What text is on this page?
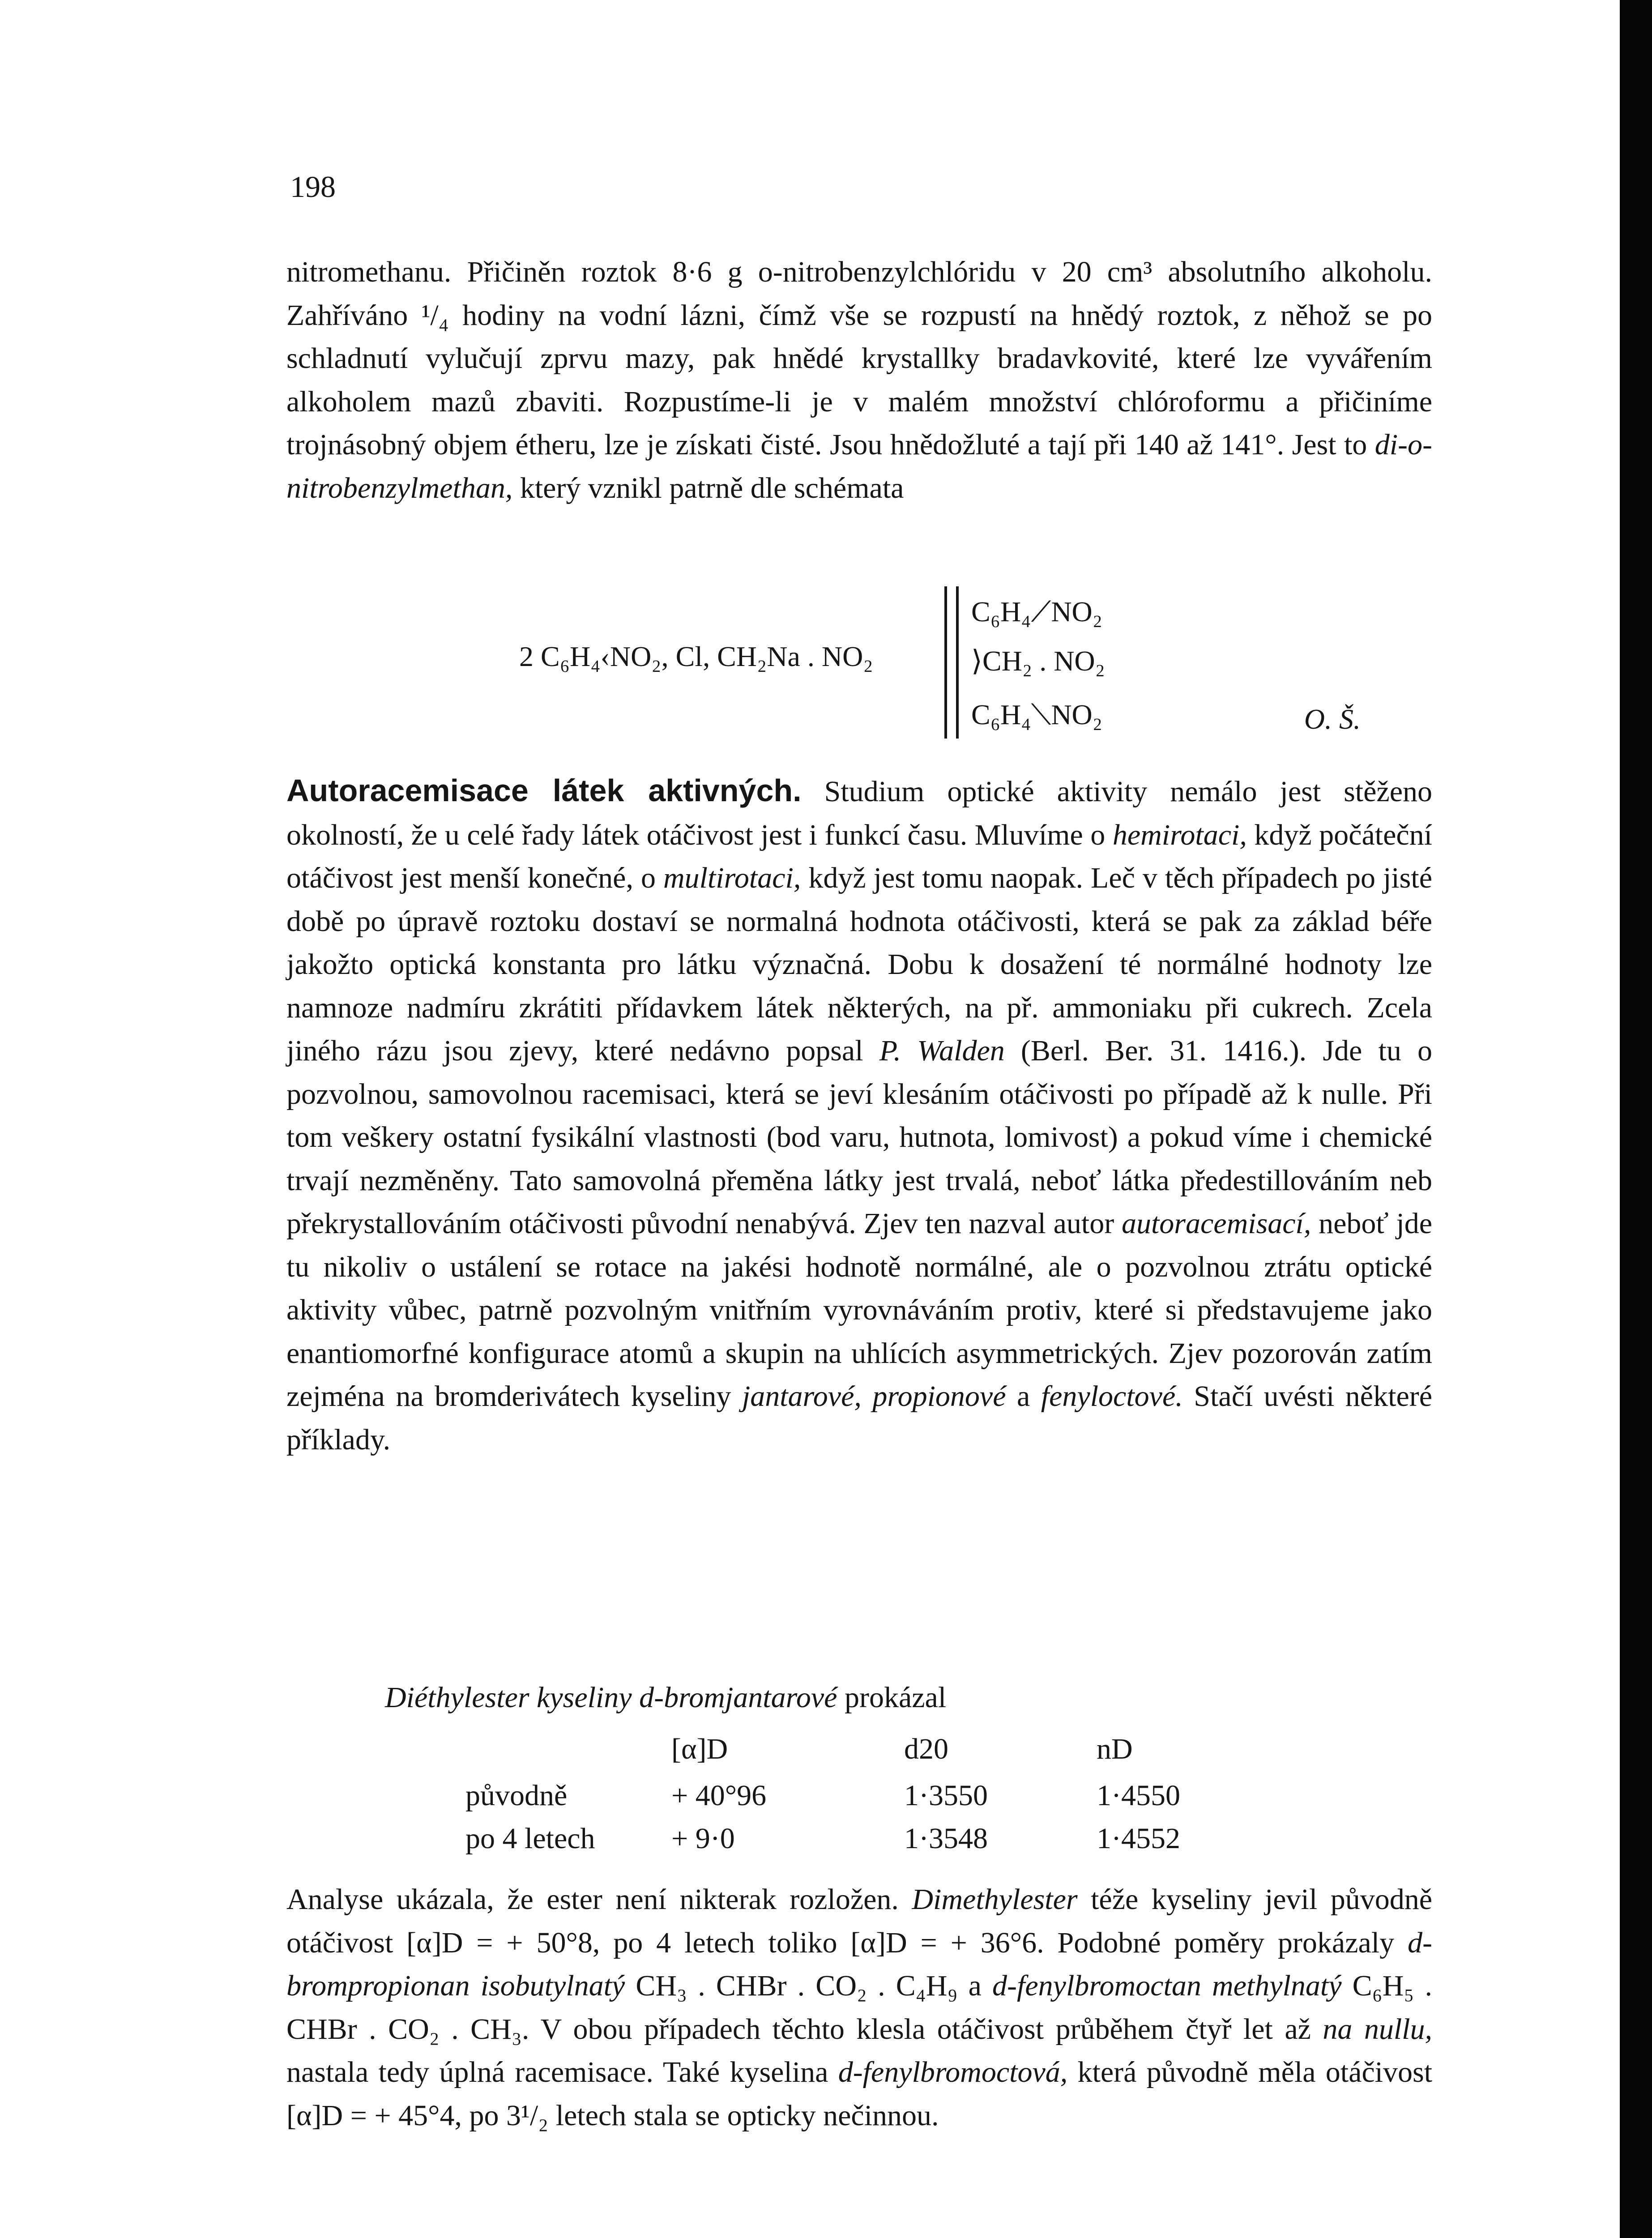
198
nitromethanu. Přičiněn roztok 8·6 g o-nitrobenzylchlóridu v 20 cm³ absolutního alkoholu. Zahříváno ¹/₄ hodiny na vodní lázni, čímž vše se rozpustí na hnědý roztok, z něhož se po schladnutí vylučují zprvu mazy, pak hnědé krystallky bradavkovité, které lze vyvářením alkoholem mazů zbaviti. Rozpustíme-li je v malém množství chlóroformu a přičiníme trojnásobný objem étheru, lze je získati čisté. Jsou hnědožluté a tají při 140 až 141°. Jest to di-o-nitrobenzylmethan, který vznikl patrně dle schémata
2 C₆H₄‹NO₂, Cl, CH₂Na . NO₂
C₆H₄⟋NO₂
⟩CH₂ . NO₂
C₆H₄⟍NO₂	O. Š.
Autoracemisace látek aktivných. Studium optické aktivity nemálo jest stěženo okolností, že u celé řady látek otáčivost jest i funkcí času. Mluvíme o hemirotaci, když počáteční otáčivost jest menší konečné, o multirotaci, když jest tomu naopak. Leč v těch případech po jisté době po úpravě roztoku dostaví se normalná hodnota otáčivosti, která se pak za základ béře jakožto optická konstanta pro látku význačná. Dobu k dosažení té normálné hodnoty lze namnoze nadmíru zkrátiti přídavkem látek některých, na př. ammoniaku při cukrech. Zcela jiného rázu jsou zjevy, které nedávno popsal P. Walden (Berl. Ber. 31. 1416.). Jde tu o pozvolnou, samovolnou racemisaci, která se jeví klesáním otáčivosti po případě až k nulle. Při tom veškery ostatní fysikální vlastnosti (bod varu, hutnota, lomivost) a pokud víme i chemické trvají nezměněny. Tato samovolná přeměna látky jest trvalá, neboť látka předestillováním neb překrystallováním otáčivosti původní nenabývá. Zjev ten nazval autor autoracemisací, neboť jde tu nikoliv o ustálení se rotace na jakési hodnotě normálné, ale o pozvolnou ztrátu optické aktivity vůbec, patrně pozvolným vnitřním vyrovnáváním protiv, které si představujeme jako enantiomorfné konfigurace atomů a skupin na uhlících asymmetrických. Zjev pozorován zatím zejména na bromderivátech kyseliny jantarové, propionové a fenyloctové. Stačí uvésti některé příklady.
Diéthylester kyseliny d-bromjantarové prokázal
	[α]D	d20	nD
původně	+ 40°96	1·3550	1·4550
po 4 letech	+ 9·0	1·3548	1·4552
Analyse ukázala, že ester není nikterak rozložen. Dimethylester téže kyseliny jevil původně otáčivost [α]D = + 50°8, po 4 letech toliko [α]D = + 36°6. Podobné poměry prokázaly d-brompropionan isobutylnatý CH₃ . CHBr . CO₂ . C₄H₉ a d-fenylbromoctan methylnatý C₆H₅ . CHBr . CO₂ . CH₃. V obou případech těchto klesla otáčivost průběhem čtyř let až na nullu, nastala tedy úplná racemisace. Také kyselina d-fenylbromoctová, která původně měla otáčivost [α]D = + 45°4, po 3¹/₂ letech stala se opticky nečinnou.
